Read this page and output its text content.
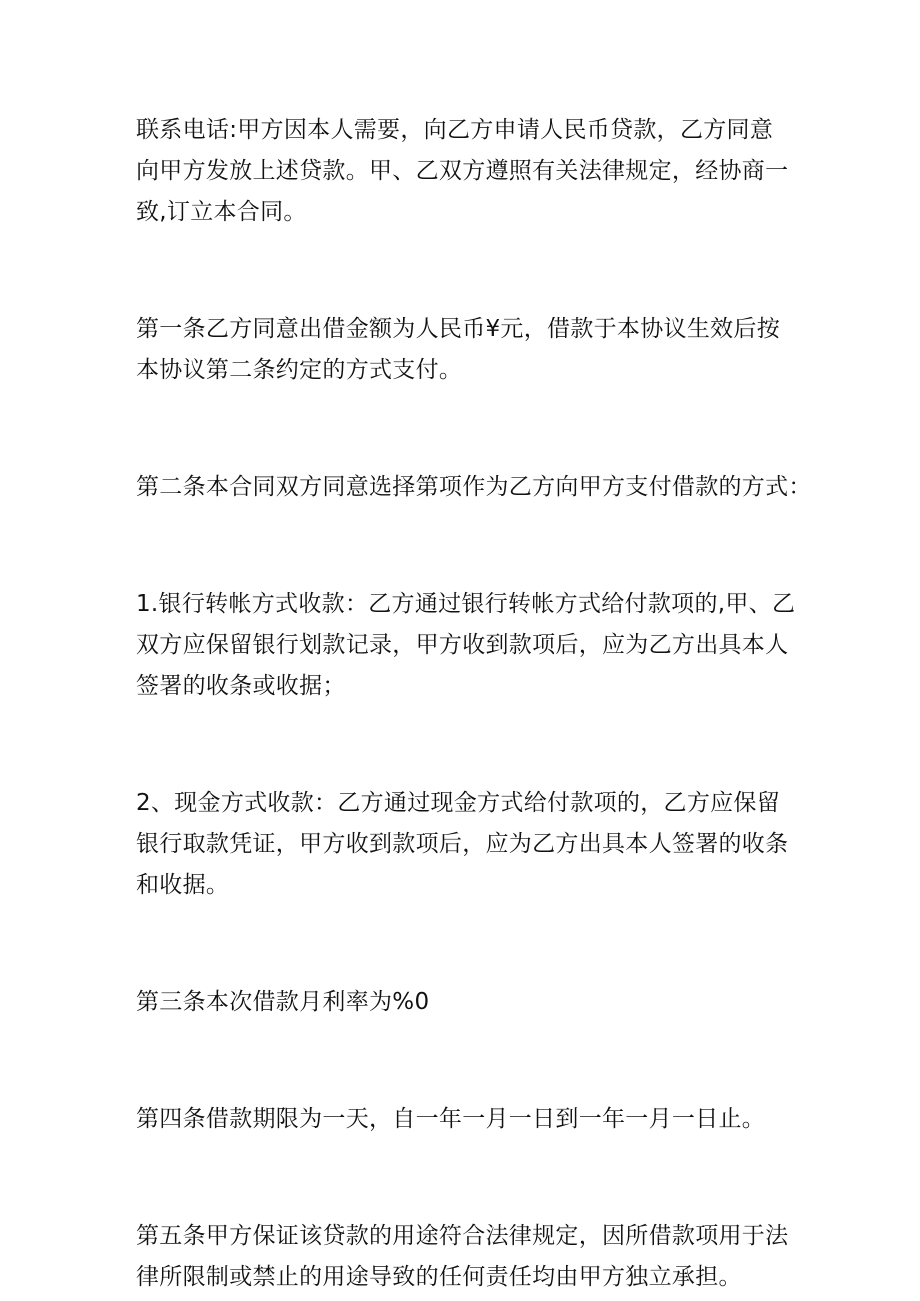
联系电话:甲方因本人需要，向乙方申请人民币贷款，乙方同意
向甲方发放上述贷款。甲、乙双方遵照有关法律规定，经协商一
致,订立本合同。

第一条乙方同意出借金额为人民币¥元，借款于本协议生效后按
本协议第二条约定的方式支付。

第二条本合同双方同意选择第项作为乙方向甲方支付借款的方式：

1.银行转帐方式收款：乙方通过银行转帐方式给付款项的,甲、乙
双方应保留银行划款记录，甲方收到款项后，应为乙方出具本人
签署的收条或收据；

2、现金方式收款：乙方通过现金方式给付款项的，乙方应保留
银行取款凭证，甲方收到款项后，应为乙方出具本人签署的收条
和收据。

第三条本次借款月利率为%0

第四条借款期限为一天，自一年一月一日到一年一月一日止。

第五条甲方保证该贷款的用途符合法律规定，因所借款项用于法
律所限制或禁止的用途导致的任何责任均由甲方独立承担。
